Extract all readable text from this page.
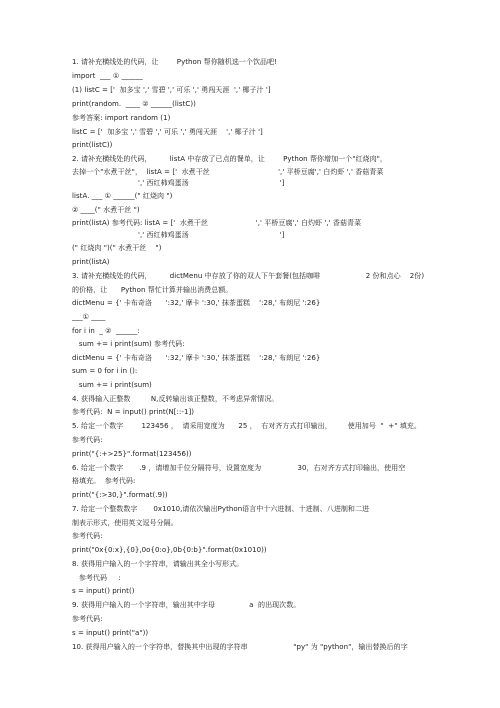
1. 请补充横线处的代码，让        Python 帮你随机选一个饮品吧!
import  ___ ① ______
(1) listC = ['  加多宝 ',' 雪碧 ',' 可乐 ',' 勇闯天涯  ',' 椰子汁 ']
print(random.  ____ ② ______(listC))
参考答案: import random (1)
listC = ['  加多宝 ',' 雪碧 ',' 可乐 ',' 勇闯天涯    ',' 椰子汁 ']
print(listC))
2. 请补充横线处的代码，        listA 中存放了已点的餐单，让        Python 帮你增加一个"红烧肉"，
去掉一个"水煮干丝"，  listA = ['  水煮干丝                              ',' 平桥豆腐',' 白灼虾 ',' 香菇青菜
',' 西红柿鸡蛋汤                                        ']
listA. ___ ① ______(" 红烧肉 ")
② ____(" 水煮干丝 ")
print(listA) 参考代码: listA = ['  水煮干丝                     ',' 平桥豆腐',' 白灼虾 ',' 香菇青菜
',' 西红柿鸡蛋汤                                        ']
(" 红烧肉 ")(" 水煮干丝    ")
print(listA)
3. 请补充横线处的代码，        dictMenu 中存放了你的双人下午套餐(包括咖啡                    2 份和点心    2份)
的价格，让      Python 帮忙计算并输出消费总额。
dictMenu = {' 卡布奇洛      ':32,' 摩卡 ':30,' 抹茶蛋糕    ':28,' 布朗尼 ':26}
___① ____
for i in  _ ②  ______:
sum += i print(sum) 参考代码:
dictMenu = {' 卡布奇洛      ':32,' 摩卡 ':30,' 抹茶蛋糕    ':28,' 布朗尼 ':26}
sum = 0 for i in ():
sum += i print(sum)
4. 获得输入正整数         N,反转输出该正整数，不考虑异常情况。
参考代码:  N = input() print(N[::-1])
5. 给定一个数字        123456 ，  请采用宽度为      25 ，  右对齐方式打印输出，       使用加号  "  +" 填充。
参考代码:
print("{:+>25}".format(123456))
6. 给定一个数字       .9 ，请增加千位分隔符号，设置宽度为                30，右对齐方式打印输出，使用空
格填充。  参考代码:
print("{:>30,}".format(.9))
7. 给定一个整数数字       0x1010,请依次输出Python语言中十六进制、十进制、八进制和二进
制表示形式，使用英文逗号分隔。
参考代码:
print("0x{0:x},{0},0o{0:o},0b{0:b}".format(0x1010))
8. 获得用户输入的一个字符串，请输出其全小写形式。
参考代码     :
s = input() print()
9. 获得用户输入的一个字符串，输出其中字母               a  的出现次数。
参考代码:
s = input() print("a"))
10. 获得用户输入的一个字符串，替换其中出现的字符串                    "py" 为 "python"，输出替换后的字
